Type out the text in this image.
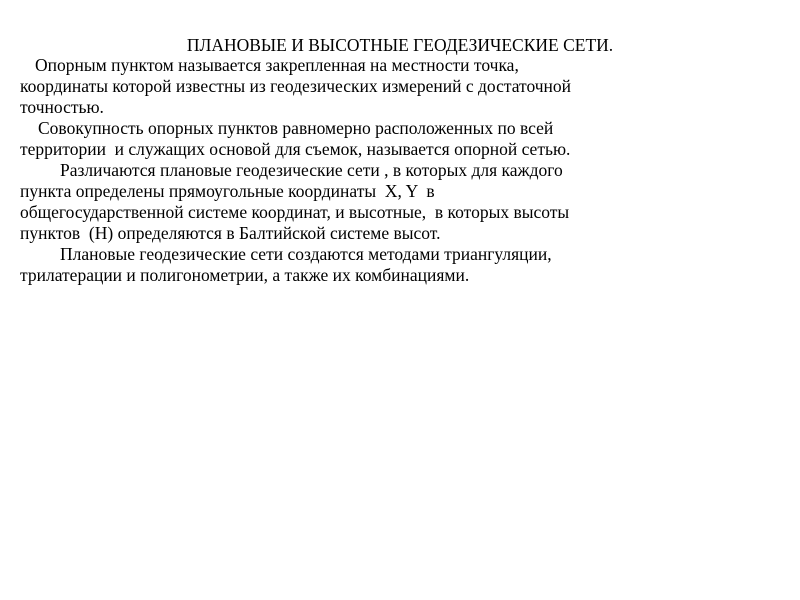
ПЛАНОВЫЕ И ВЫСОТНЫЕ ГЕОДЕЗИЧЕСКИЕ СЕТИ.
Опорным пунктом называется закрепленная на местности точка,
координаты которой известны из геодезических измерений с достаточной
точностью.
Совокупность опорных пунктов равномерно расположенных по всей
территории  и служащих основой для съемок, называется опорной сетью.
Различаются плановые геодезические сети , в которых для каждого
пункта определены прямоугольные координаты  X, Y  в
общегосударственной системе координат, и высотные,  в которых высоты
пунктов  (H) определяются в Балтийской системе высот.
Плановые геодезические сети создаются методами триангуляции,
трилатерации и полигонометрии, а также их комбинациями.
